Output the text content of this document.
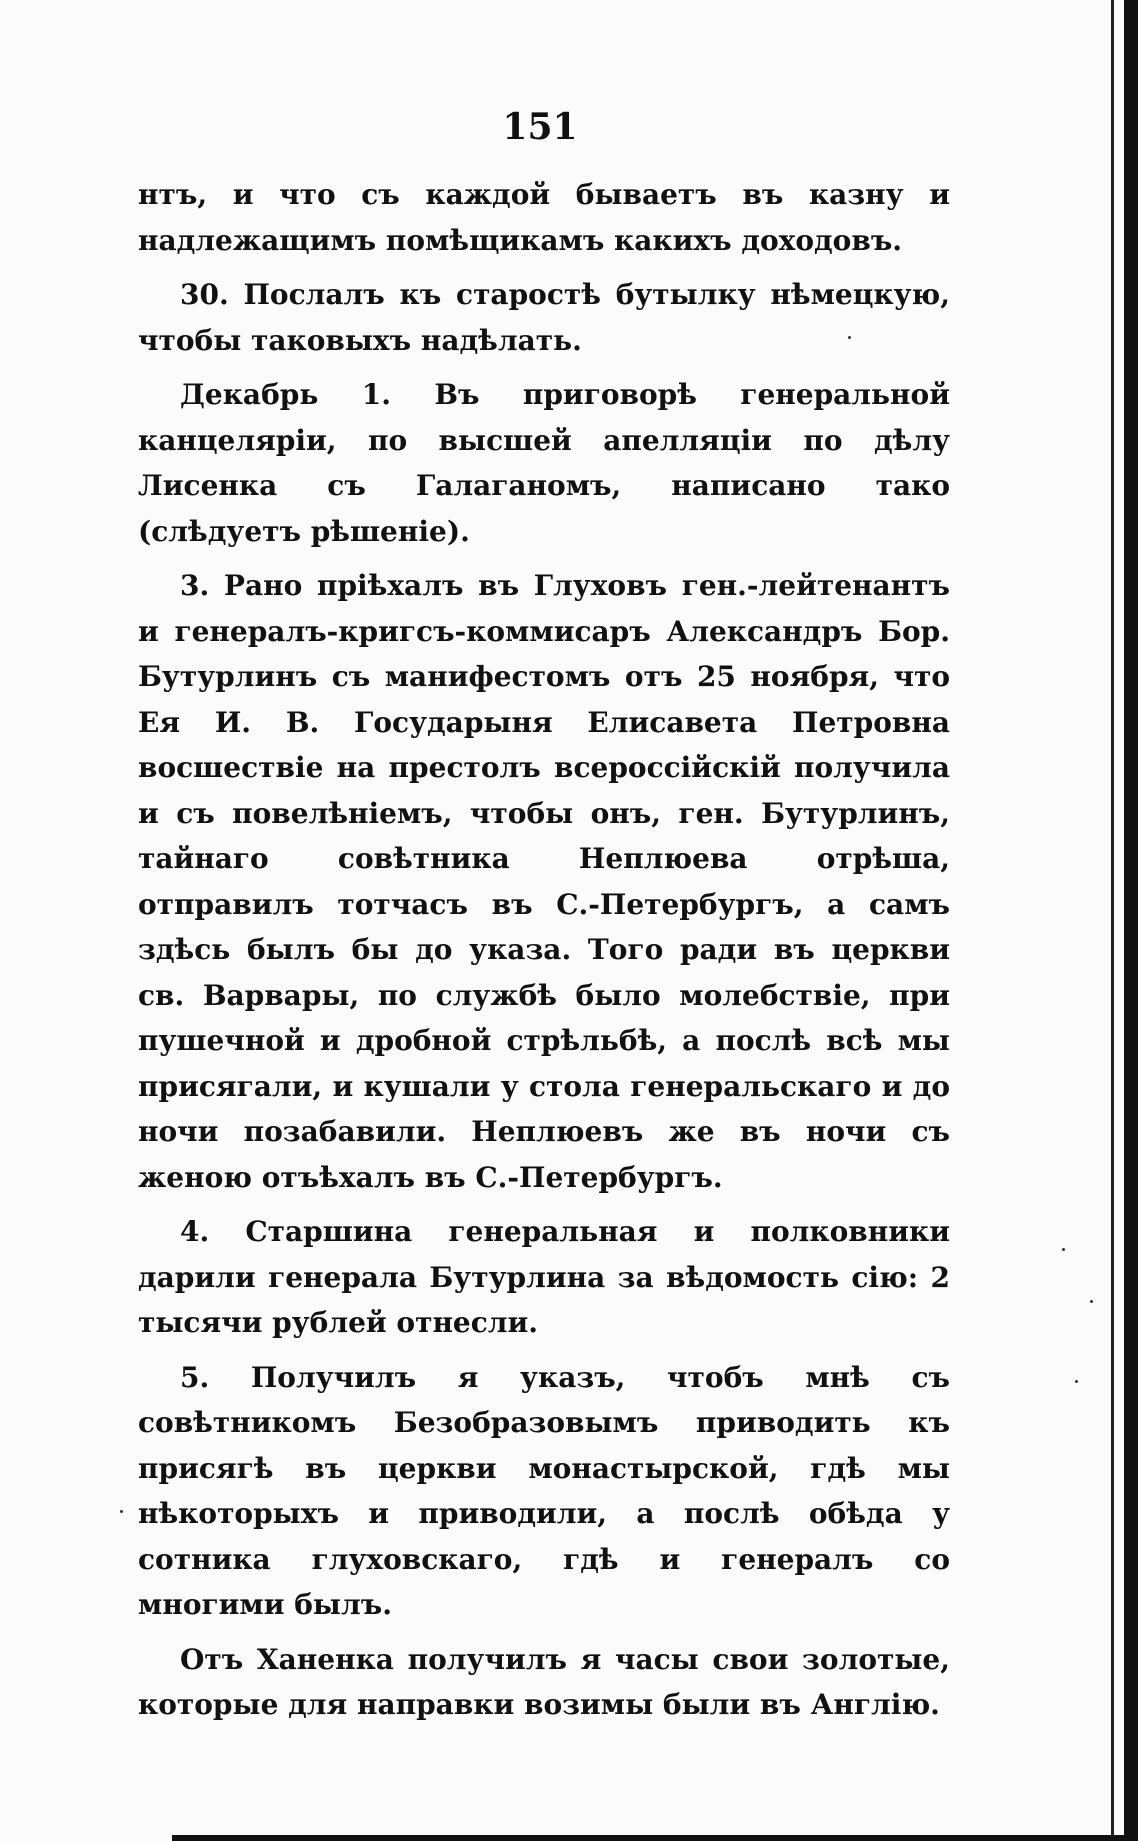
151

нтъ, и что съ каждой бываетъ въ казну и надлежащимъ помѣщикамъ какихъ доходовъ.

30. Послалъ къ старостѣ бутылку нѣмецкую, чтобы таковыхъ надѣлать.

Декабрь 1. Въ приговорѣ генеральной канцеляріи, по высшей апелляціи по дѣлу Лисенка съ Галаганомъ, написано тако (слѣдуетъ рѣшеніе).

3. Рано пріѣхалъ въ Глуховъ ген.-лейтенантъ и генералъ-кригсъ-коммисаръ Александръ Бор. Бутурлинъ съ манифестомъ отъ 25 ноября, что Ея И. В. Государыня Елисавета Петровна восшествіе на престолъ всероссійскій получила и съ повелѣніемъ, чтобы онъ, ген. Бутурлинъ, тайнаго совѣтника Неплюева отрѣша, отправилъ тотчасъ въ С.-Петербургъ, а самъ здѣсь былъ бы до указа. Того ради въ церкви св. Варвары, по службѣ было молебствіе, при пушечной и дробной стрѣльбѣ, а послѣ всѣ мы присягали, и кушали у стола генеральскаго и до ночи позабавили. Неплюевъ же въ ночи съ женою отъѣхалъ въ С.-Петербургъ.

4. Старшина генеральная и полковники дарили генерала Бутурлина за вѣдомость сію: 2 тысячи рублей отнесли.

5. Получилъ я указъ, чтобъ мнѣ съ совѣтникомъ Безобразовымъ приводить къ присягѣ въ церкви монастырской, гдѣ мы нѣкоторыхъ и приводили, а послѣ обѣда у сотника глуховскаго, гдѣ и генералъ со многими былъ.

Отъ Ханенка получилъ я часы свои золотые, которые для направки возимы были въ Англію.
